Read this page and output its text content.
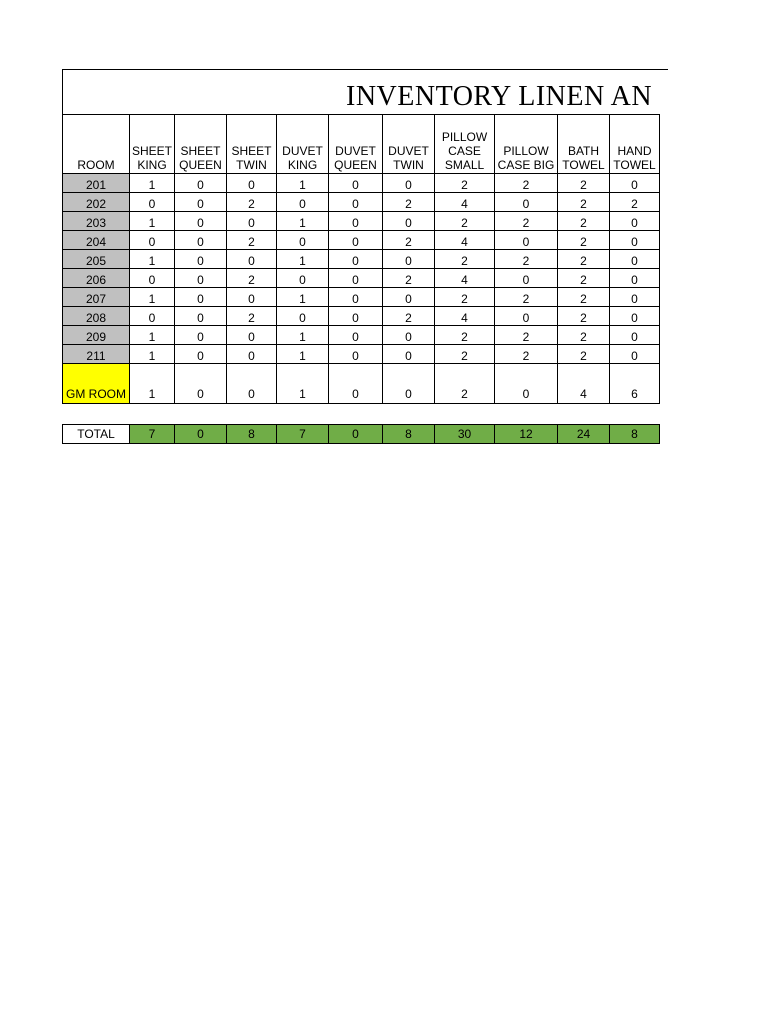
INVENTORY LINEN AN
ROOM	SHEET KING	SHEET QUEEN	SHEET TWIN	DUVET KING	DUVET QUEEN	DUVET TWIN	PILLOW CASE SMALL	PILLOW CASE BIG	BATH TOWEL	HAND TOWEL
201	1	0	0	1	0	0	2	2	2	0
202	0	0	2	0	0	2	4	0	2	2
203	1	0	0	1	0	0	2	2	2	0
204	0	0	2	0	0	2	4	0	2	0
205	1	0	0	1	0	0	2	2	2	0
206	0	0	2	0	0	2	4	0	2	0
207	1	0	0	1	0	0	2	2	2	0
208	0	0	2	0	0	2	4	0	2	0
209	1	0	0	1	0	0	2	2	2	0
211	1	0	0	1	0	0	2	2	2	0
GM ROOM	1	0	0	1	0	0	2	0	4	6
TOTAL	7	0	8	7	0	8	30	12	24	8
